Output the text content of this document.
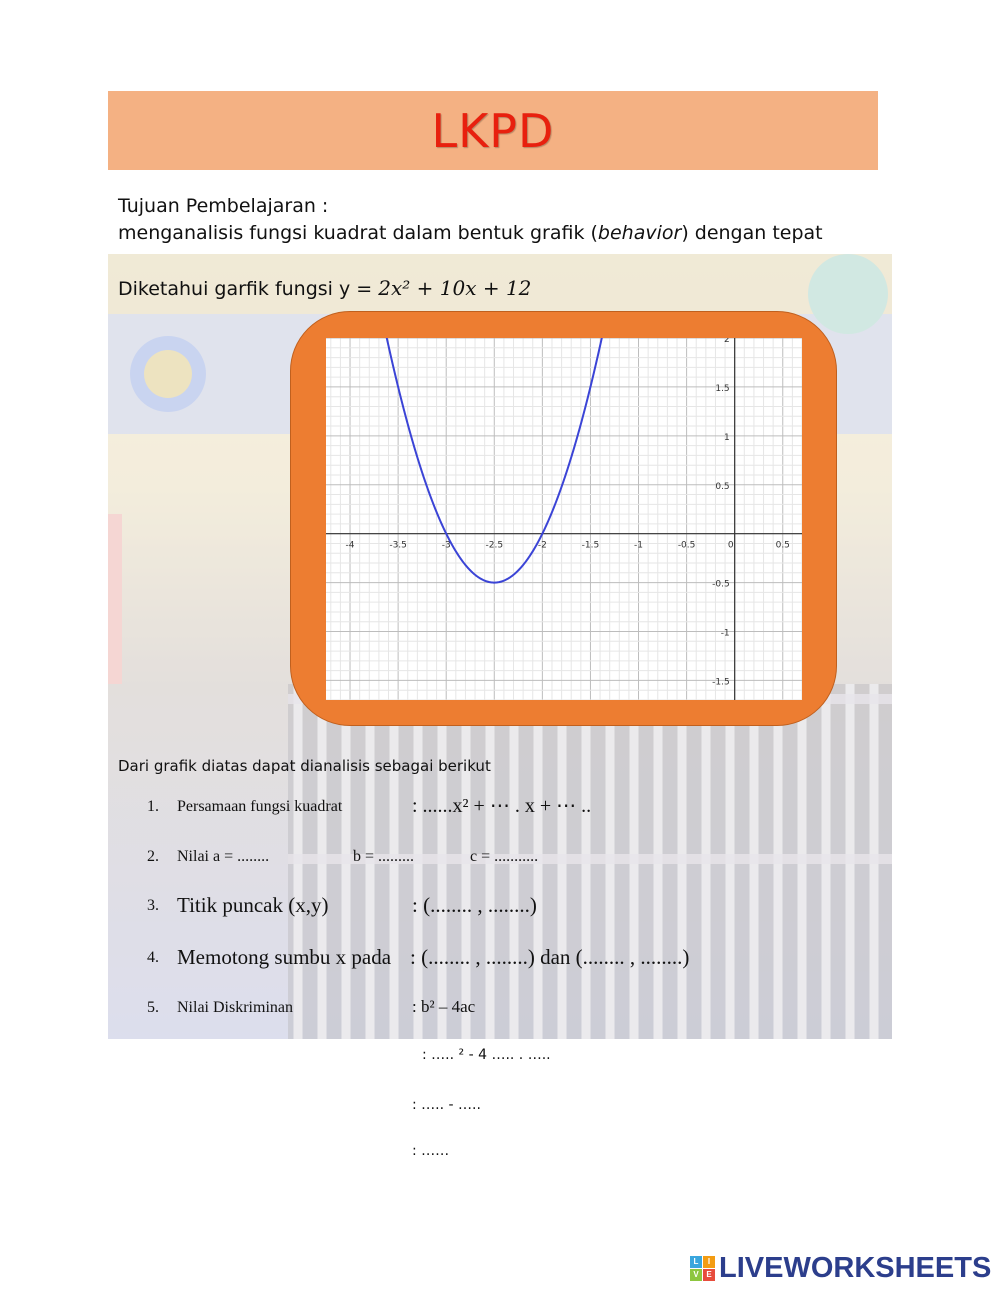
LKPD
Tujuan Pembelajaran :
menganalisis fungsi kuadrat dalam bentuk grafik (behavior) dengan tepat
Diketahui garfik fungsi y = 2x² + 10x + 12
-4	-3.5	-3	-2.5	-2	-1.5	-1	-0.5	0	0.5
2
1.5
1
0.5
-0.5
-1
-1.5
Dari grafik diatas dapat dianalisis sebagai berikut
1. Persamaan fungsi kuadrat	: ......x² + ⋯ . x + ⋯ ..
2. Nilai a = ........	b = .........	c = ...........
3. Titik puncak (x,y)	: (........ , ........)
4. Memotong sumbu x pada : (........ , ........) dan (........ , ........)
5. Nilai Diskriminan	: b² – 4ac
: ….. ² - 4 ….. . …..
: ….. - …..
: ……
L	I
V E LIVEWORKSHEETS
